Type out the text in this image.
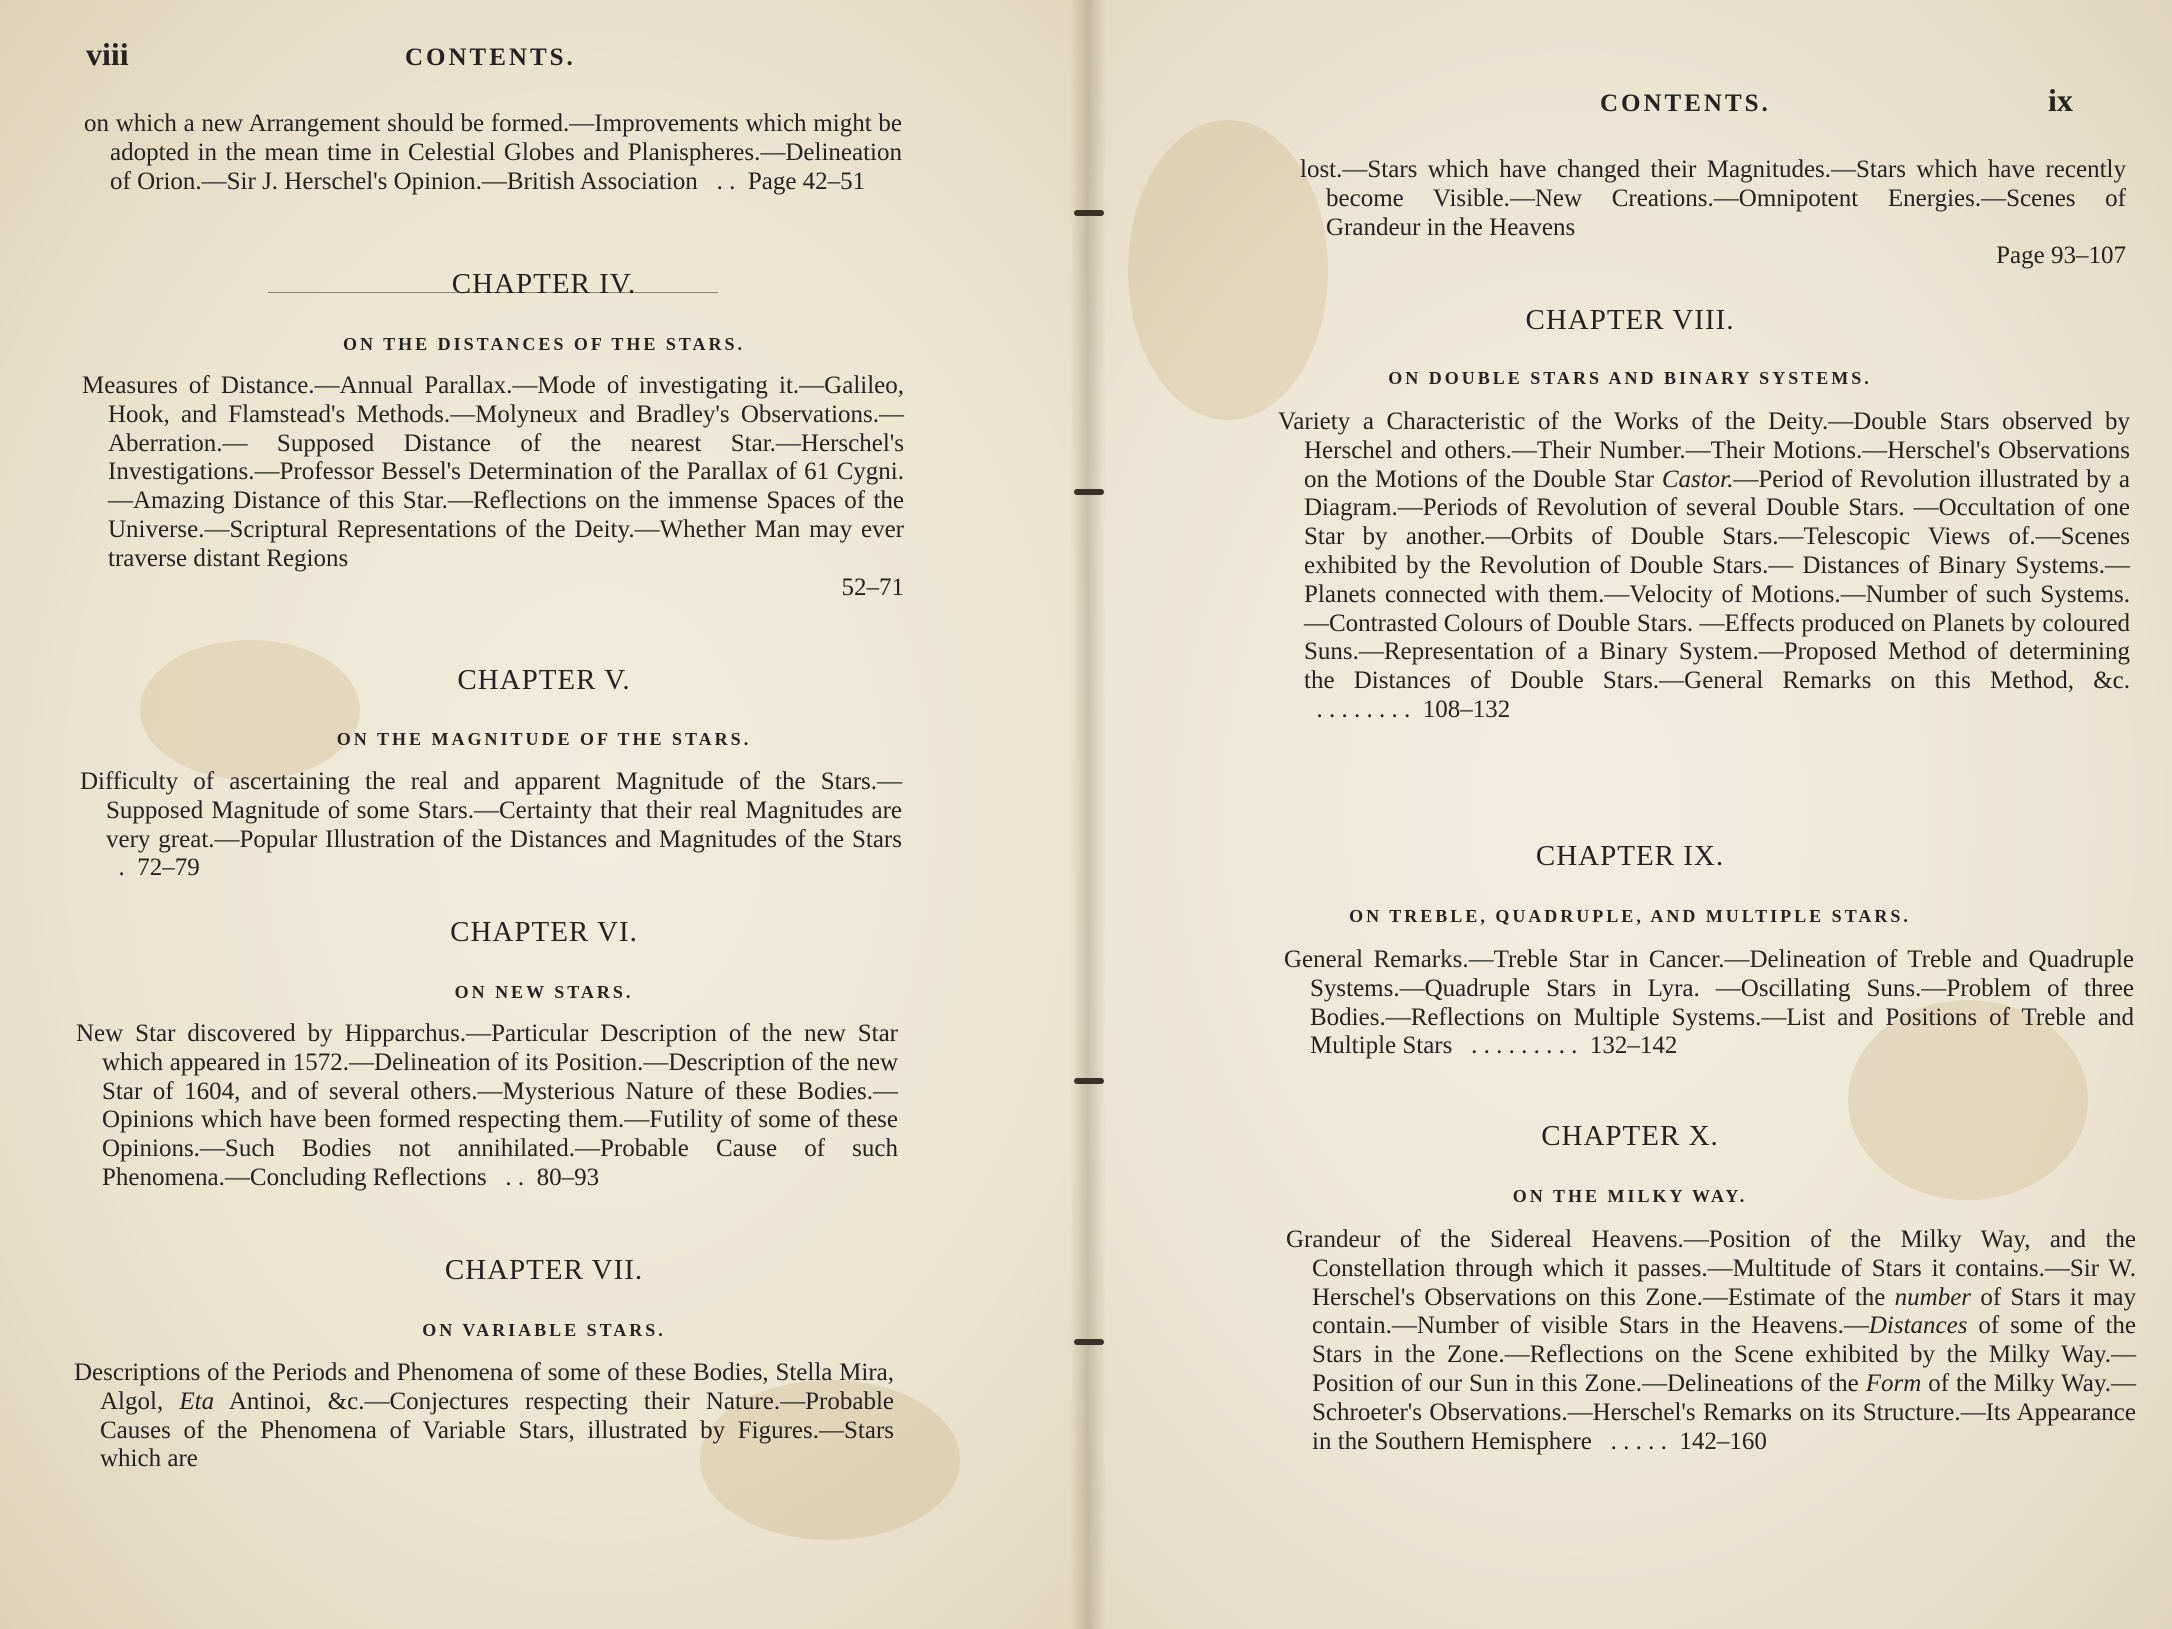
viii	CONTENTS.
on which a new Arrangement should be formed.—Improvements which might be adopted in the mean time in Celestial Globes and Planispheres.—Delineation of Orion.—Sir J. Herschel's Opinion.—British Association . . Page 42–51
CHAPTER IV.
ON THE DISTANCES OF THE STARS.
Measures of Distance.—Annual Parallax.—Mode of investigating it.—Galileo, Hook, and Flamstead's Methods.—Molyneux and Bradley's Observations.— Aberration.— Supposed Distance of the nearest Star.—Herschel's Investigations.—Professor Bessel's Determination of the Parallax of 61 Cygni. —Amazing Distance of this Star.—Reflections on the immense Spaces of the Universe.—Scriptural Representations of the Deity.—Whether Man may ever traverse distant Regions
52–71
CHAPTER V.
ON THE MAGNITUDE OF THE STARS.
Difficulty of ascertaining the real and apparent Magnitude of the Stars.—Supposed Magnitude of some Stars.—Certainty that their real Magnitudes are very great.—Popular Illustration of the Distances and Magnitudes of the Stars   . 72–79
CHAPTER VI.
ON NEW STARS.
New Star discovered by Hipparchus.—Particular Description of the new Star which appeared in 1572.—Delineation of its Position.—Description of the new Star of 1604, and of several others.—Mysterious Nature of these Bodies.—Opinions which have been formed respecting them.—Futility of some of these Opinions.—Such Bodies not annihilated.—Probable Cause of such Phenomena.—Concluding Reflections . . 80–93
CHAPTER VII.
ON VARIABLE STARS.
Descriptions of the Periods and Phenomena of some of these Bodies, Stella Mira, Algol, Eta Antinoi, &c.—Conjectures respecting their Nature.—Probable Causes of the Phenomena of Variable Stars, illustrated by Figures.—Stars which are
CONTENTS.	ix
lost.—Stars which have changed their Magnitudes.—Stars which have recently become Visible.—New Creations.—Omnipotent Energies.—Scenes of Grandeur in the Heavens
Page 93–107
CHAPTER VIII.
ON DOUBLE STARS AND BINARY SYSTEMS.
Variety a Characteristic of the Works of the Deity.—Double Stars observed by Herschel and others.—Their Number.—Their Motions.—Herschel's Observations on the Motions of the Double Star Castor.—Period of Revolution illustrated by a Diagram.—Periods of Revolution of several Double Stars. —Occultation of one Star by another.—Orbits of Double Stars.—Telescopic Views of.—Scenes exhibited by the Revolution of Double Stars.— Distances of Binary Systems.—Planets connected with them.—Velocity of Motions.—Number of such Systems.—Contrasted Colours of Double Stars. —Effects produced on Planets by coloured Suns.—Representation of a Binary System.—Proposed Method of determining the Distances of Double Stars.—General Remarks on this Method, &c.   . . . . . . . . 108–132
CHAPTER IX.
ON TREBLE, QUADRUPLE, AND MULTIPLE STARS.
General Remarks.—Treble Star in Cancer.—Delineation of Treble and Quadruple Systems.—Quadruple Stars in Lyra. —Oscillating Suns.—Problem of three Bodies.—Reflections on Multiple Systems.—List and Positions of Treble and Multiple Stars . . . . . . . . . 132–142
CHAPTER X.
ON THE MILKY WAY.
Grandeur of the Sidereal Heavens.—Position of the Milky Way, and the Constellation through which it passes.—Multitude of Stars it contains.—Sir W. Herschel's Observations on this Zone.—Estimate of the number of Stars it may contain.—Number of visible Stars in the Heavens.—Distances of some of the Stars in the Zone.—Reflections on the Scene exhibited by the Milky Way.—Position of our Sun in this Zone.—Delineations of the Form of the Milky Way.—Schroeter's Observations.—Herschel's Remarks on its Structure.—Its Appearance in the Southern Hemisphere . . . . . 142–160
